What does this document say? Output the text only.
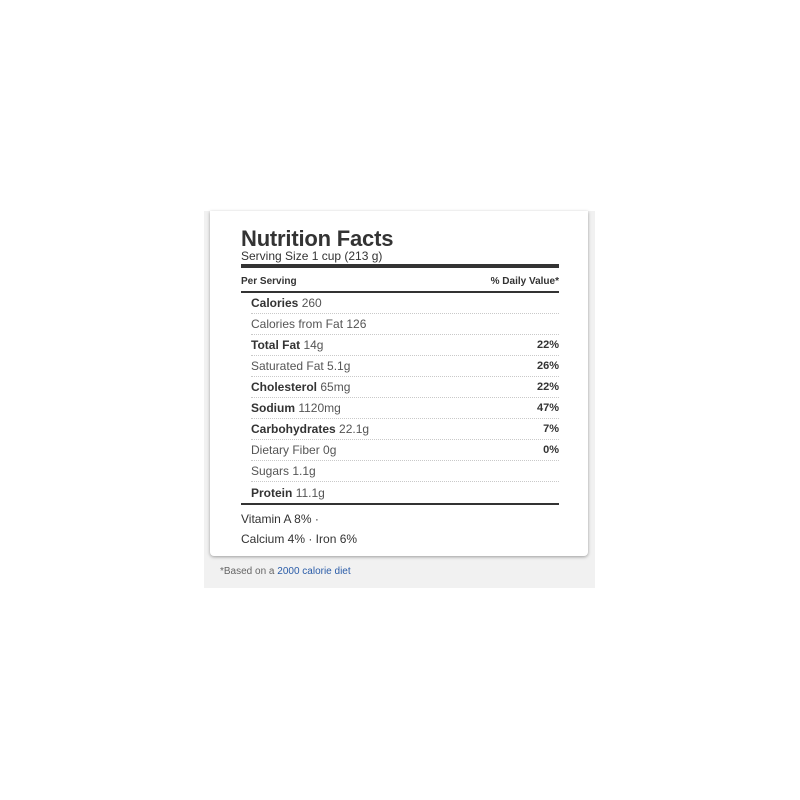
Nutrition Facts
Serving Size 1 cup (213 g)
Per Serving	% Daily Value*
Calories 260
Calories from Fat 126
Total Fat 14g	22%
Saturated Fat 5.1g	26%
Cholesterol 65mg	22%
Sodium 1120mg	47%
Carbohydrates 22.1g	7%
Dietary Fiber 0g	0%
Sugars 1.1g
Protein 11.1g
Vitamin A 8% ·
Calcium 4% · Iron 6%
*Based on a 2000 calorie diet
